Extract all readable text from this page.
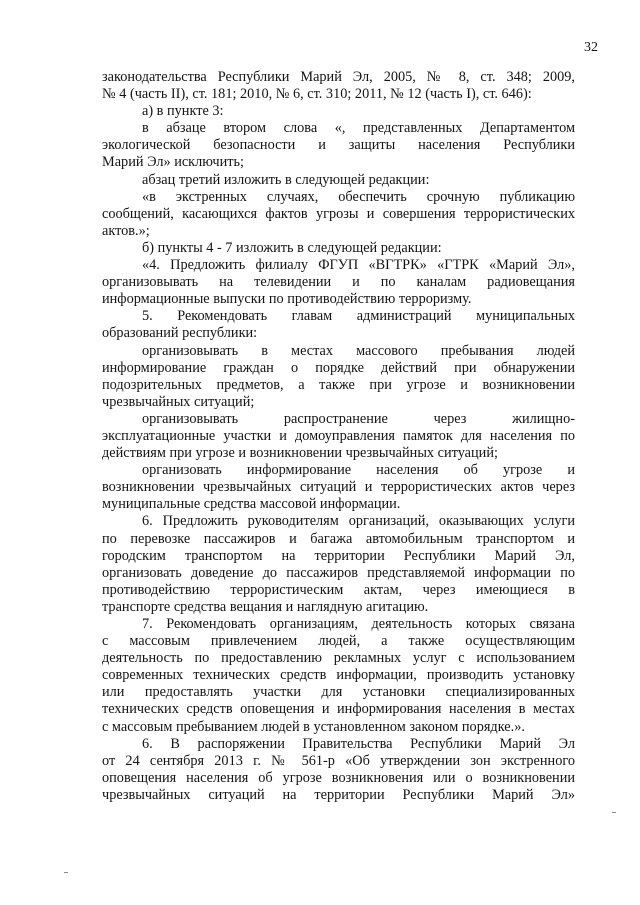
32
законодательства Республики Марий Эл, 2005, № 8, ст. 348; 2009,
№ 4 (часть II), ст. 181; 2010, № 6, ст. 310; 2011, № 12 (часть I), ст. 646):
а) в пункте 3:
в абзаце втором слова «, представленных Департаментом
экологической безопасности и защиты населения Республики
Марий Эл» исключить;
абзац третий изложить в следующей редакции:
«в экстренных случаях, обеспечить срочную публикацию
сообщений, касающихся фактов угрозы и совершения террористических
актов.»;
б) пункты 4 - 7 изложить в следующей редакции:
«4. Предложить филиалу ФГУП «ВГТРК» «ГТРК «Марий Эл»,
организовывать на телевидении и по каналам радиовещания
информационные выпуски по противодействию терроризму.
5. Рекомендовать главам администраций муниципальных
образований республики:
организовывать в местах массового пребывания людей
информирование граждан о порядке действий при обнаружении
подозрительных предметов, а также при угрозе и возникновении
чрезвычайных ситуаций;
организовывать распространение через жилищно-
эксплуатационные участки и домоуправления памяток для населения по
действиям при угрозе и возникновении чрезвычайных ситуаций;
организовать информирование населения об угрозе и
возникновении чрезвычайных ситуаций и террористических актов через
муниципальные средства массовой информации.
6. Предложить руководителям организаций, оказывающих услуги
по перевозке пассажиров и багажа автомобильным транспортом и
городским транспортом на территории Республики Марий Эл,
организовать доведение до пассажиров представляемой информации по
противодействию террористическим актам, через имеющиеся в
транспорте средства вещания и наглядную агитацию.
7. Рекомендовать организациям, деятельность которых связана
с массовым привлечением людей, а также осуществляющим
деятельность по предоставлению рекламных услуг с использованием
современных технических средств информации, производить установку
или предоставлять участки для установки специализированных
технических средств оповещения и информирования населения в местах
с массовым пребыванием людей в установленном законом порядке.».
6. В распоряжении Правительства Республики Марий Эл
от 24 сентября 2013 г. № 561-р «Об утверждении зон экстренного
оповещения населения об угрозе возникновения или о возникновении
чрезвычайных ситуаций на территории Республики Марий Эл»
